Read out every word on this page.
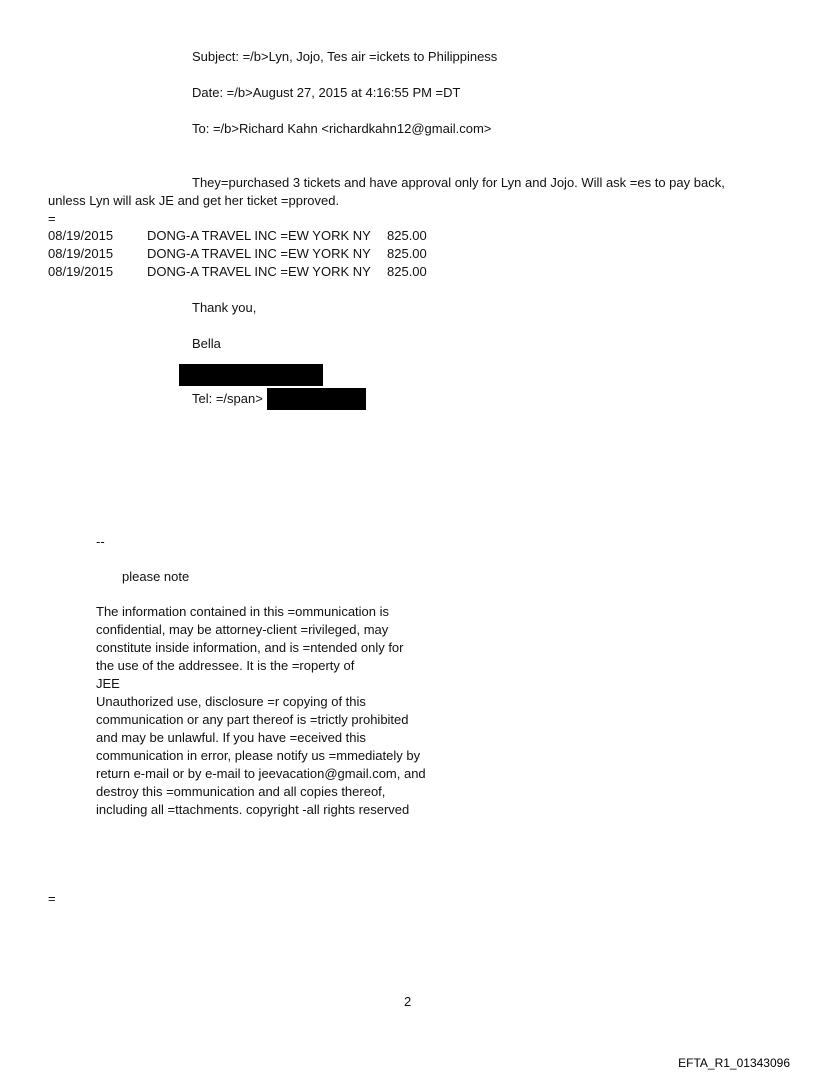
Subject: =/b>Lyn, Jojo, Tes air =ickets to Philippiness
Date: =/b>August 27, 2015 at 4:16:55 PM =DT
To: =/b>Richard Kahn <richardkahn12@gmail.com>
They=purchased 3 tickets and have approval only for Lyn and Jojo. Will ask =es to pay back,
unless Lyn will ask JE and get her ticket =pproved.
=
08/19/2015	DONG-A TRAVEL INC =EW YORK NY 825.00
08/19/2015	DONG-A TRAVEL INC =EW YORK NY 825.00
08/19/2015	DONG-A TRAVEL INC =EW YORK NY 825.00
Thank you,
Bella
Tel: =/span>
--
please note
The information contained in this =ommunication is
confidential, may be attorney-client =rivileged, may
constitute inside information, and is =ntended only for
the use of the addressee. It is the =roperty of
JEE
Unauthorized use, disclosure =r copying of this
communication or any part thereof is =trictly prohibited
and may be unlawful. If you have =eceived this
communication in error, please notify us =mmediately by
return e-mail or by e-mail to jeevacation@gmail.com, and
destroy this =ommunication and all copies thereof,
including all =ttachments. copyright -all rights reserved
=
2
EFTA_R1_01343096
